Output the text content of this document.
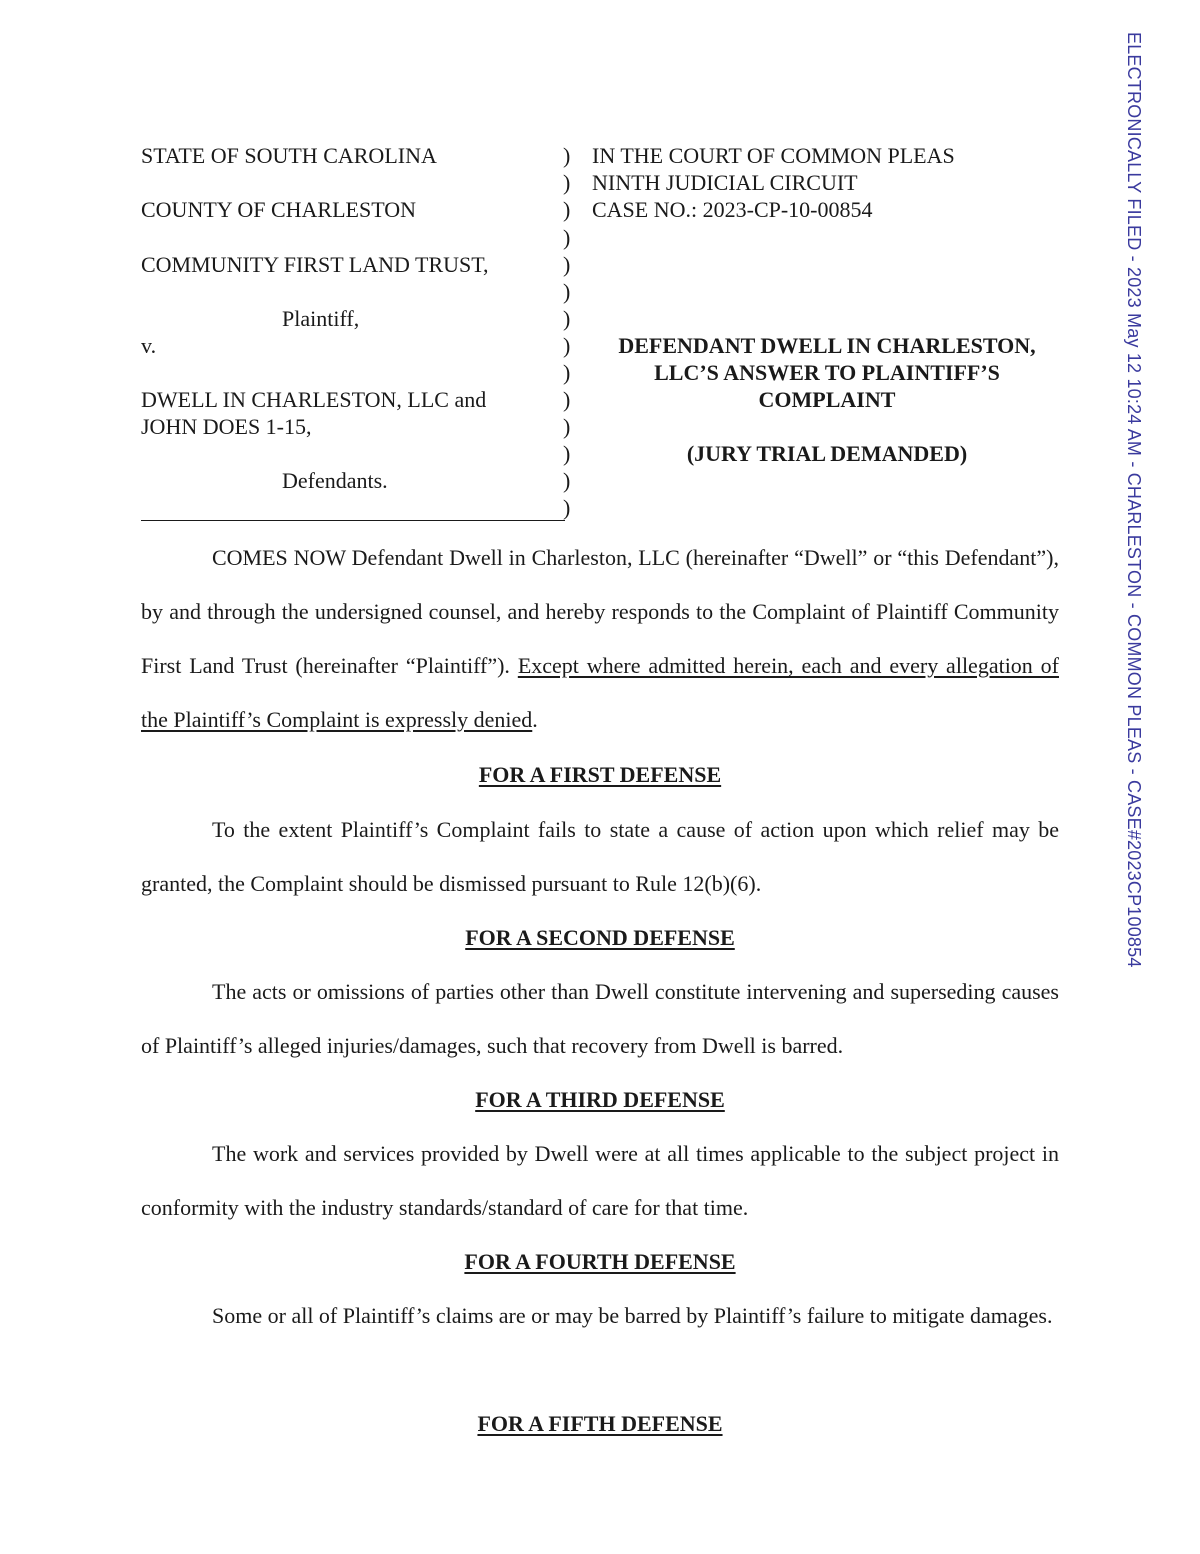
STATE OF SOUTH CAROLINA
COUNTY OF CHARLESTON
COMMUNITY FIRST LAND TRUST,
Plaintiff,
v.
DWELL IN CHARLESTON, LLC and
JOHN DOES 1-15,
Defendants.
)
)
)
)
)
)
)
)
)
)
)
)
)
)
IN THE COURT OF COMMON PLEAS
NINTH JUDICIAL CIRCUIT
CASE NO.: 2023-CP-10-00854
DEFENDANT DWELL IN CHARLESTON,
LLC’S ANSWER TO PLAINTIFF’S
COMPLAINT
(JURY TRIAL DEMANDED)
COMES NOW Defendant Dwell in Charleston, LLC (hereinafter “Dwell” or “this Defendant”), by and through the undersigned counsel, and hereby responds to the Complaint of Plaintiff Community First Land Trust (hereinafter “Plaintiff”). Except where admitted herein, each and every allegation of the Plaintiff’s Complaint is expressly denied.
FOR A FIRST DEFENSE
To the extent Plaintiff’s Complaint fails to state a cause of action upon which relief may be granted, the Complaint should be dismissed pursuant to Rule 12(b)(6).
FOR A SECOND DEFENSE
The acts or omissions of parties other than Dwell constitute intervening and superseding causes of Plaintiff’s alleged injuries/damages, such that recovery from Dwell is barred.
FOR A THIRD DEFENSE
The work and services provided by Dwell were at all times applicable to the subject project in conformity with the industry standards/standard of care for that time.
FOR A FOURTH DEFENSE
Some or all of Plaintiff’s claims are or may be barred by Plaintiff’s failure to mitigate damages.
FOR A FIFTH DEFENSE
ELECTRONICALLY FILED - 2023 May 12 10:24 AM - CHARLESTON - COMMON PLEAS - CASE#2023CP100854
